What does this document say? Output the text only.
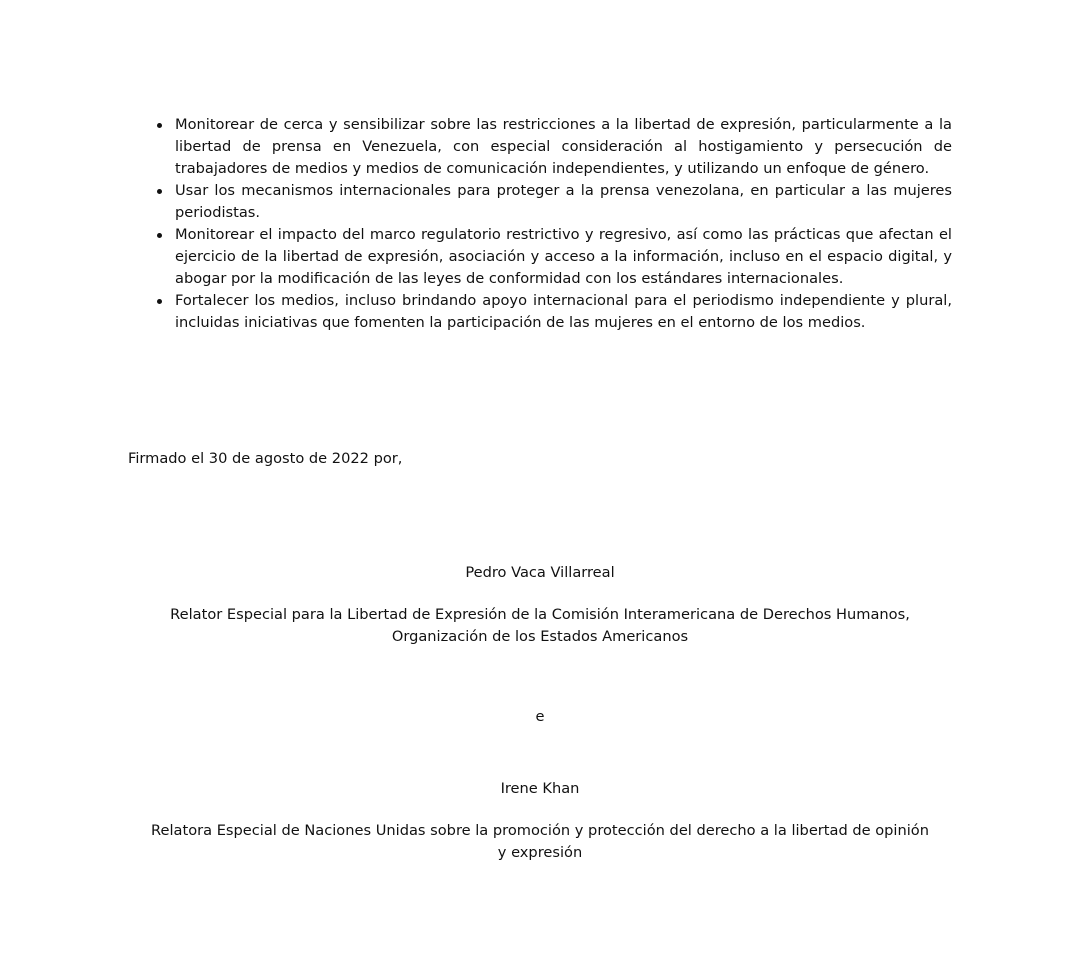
Monitorear de cerca y sensibilizar sobre las restricciones a la libertad de expresión, particularmente a la libertad de prensa en Venezuela, con especial consideración al hostigamiento y persecución de trabajadores de medios y medios de comunicación independientes, y utilizando un enfoque de género.
Usar los mecanismos internacionales para proteger a la prensa venezolana, en particular a las mujeres periodistas.
Monitorear el impacto del marco regulatorio restrictivo y regresivo, así como las prácticas que afectan el ejercicio de la libertad de expresión, asociación y acceso a la información, incluso en el espacio digital, y abogar por la modificación de las leyes de conformidad con los estándares internacionales.
Fortalecer los medios, incluso brindando apoyo internacional para el periodismo independiente y plural, incluidas iniciativas que fomenten la participación de las mujeres en el entorno de los medios.

Firmado el 30 de agosto de 2022 por,

Pedro Vaca Villarreal

Relator Especial para la Libertad de Expresión de la Comisión Interamericana de Derechos Humanos,
Organización de los Estados Americanos

e

Irene Khan

Relatora Especial de Naciones Unidas sobre la promoción y protección del derecho a la libertad de opinión
y expresión
